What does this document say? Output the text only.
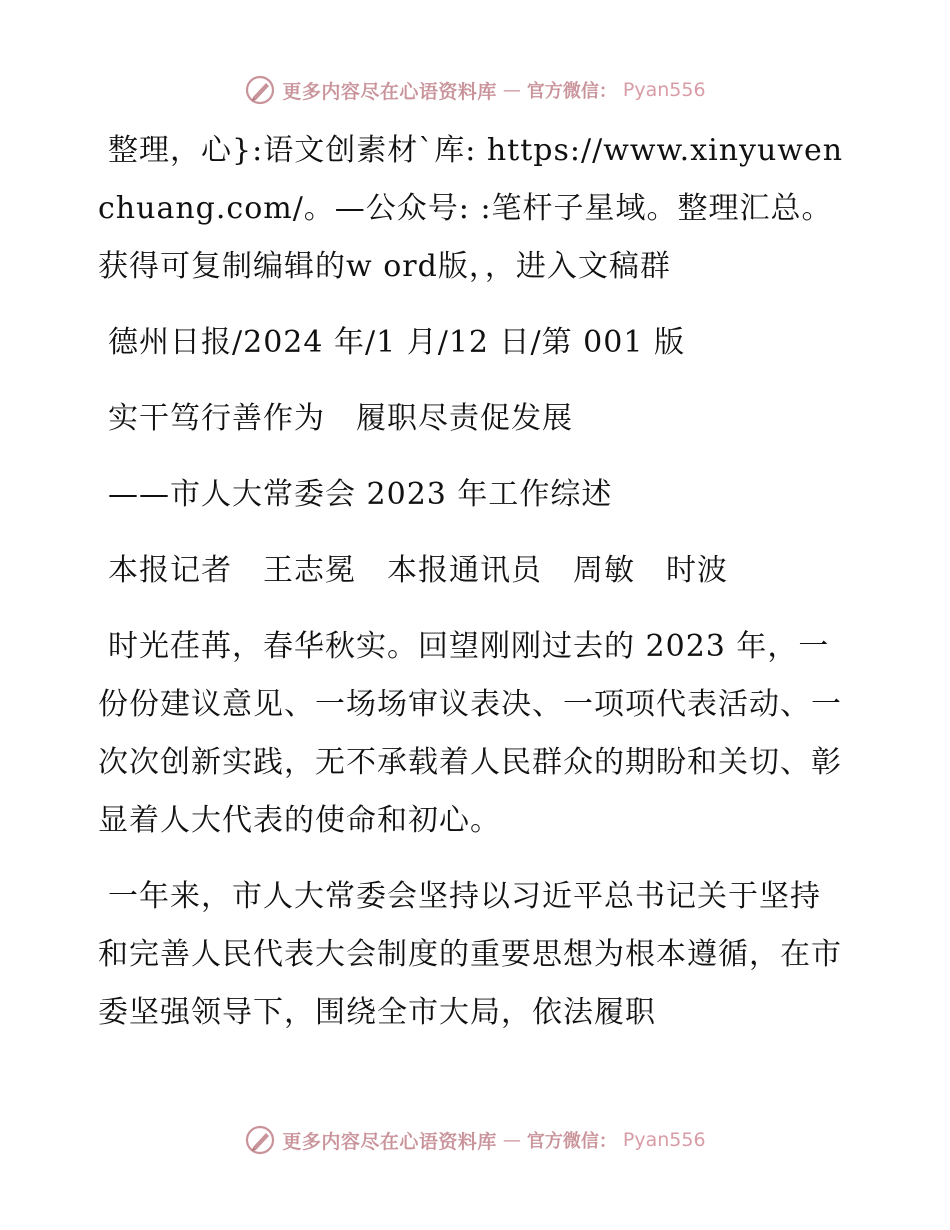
更多内容尽在心语资料库 — 官方微信： Pyan556

整理，心}:语文创素材`库: https://www.xinyuwenchuang.com/。—公众号: :笔杆子星域。整理汇总。获得可复制编辑的w ord版，，进入文稿群

德州日报/2024 年/1 月/12 日/第 001 版

实干笃行善作为　履职尽责促发展

——市人大常委会 2023 年工作综述

本报记者　王志冕　本报通讯员　周敏　时波

时光荏苒，春华秋实。回望刚刚过去的 2023 年，一份份建议意见、一场场审议表决、一项项代表活动、一次次创新实践，无不承载着人民群众的期盼和关切、彰显着人大代表的使命和初心。

一年来，市人大常委会坚持以习近平总书记关于坚持和完善人民代表大会制度的重要思想为根本遵循，在市委坚强领导下，围绕全市大局，依法履职

更多内容尽在心语资料库 — 官方微信： Pyan556
